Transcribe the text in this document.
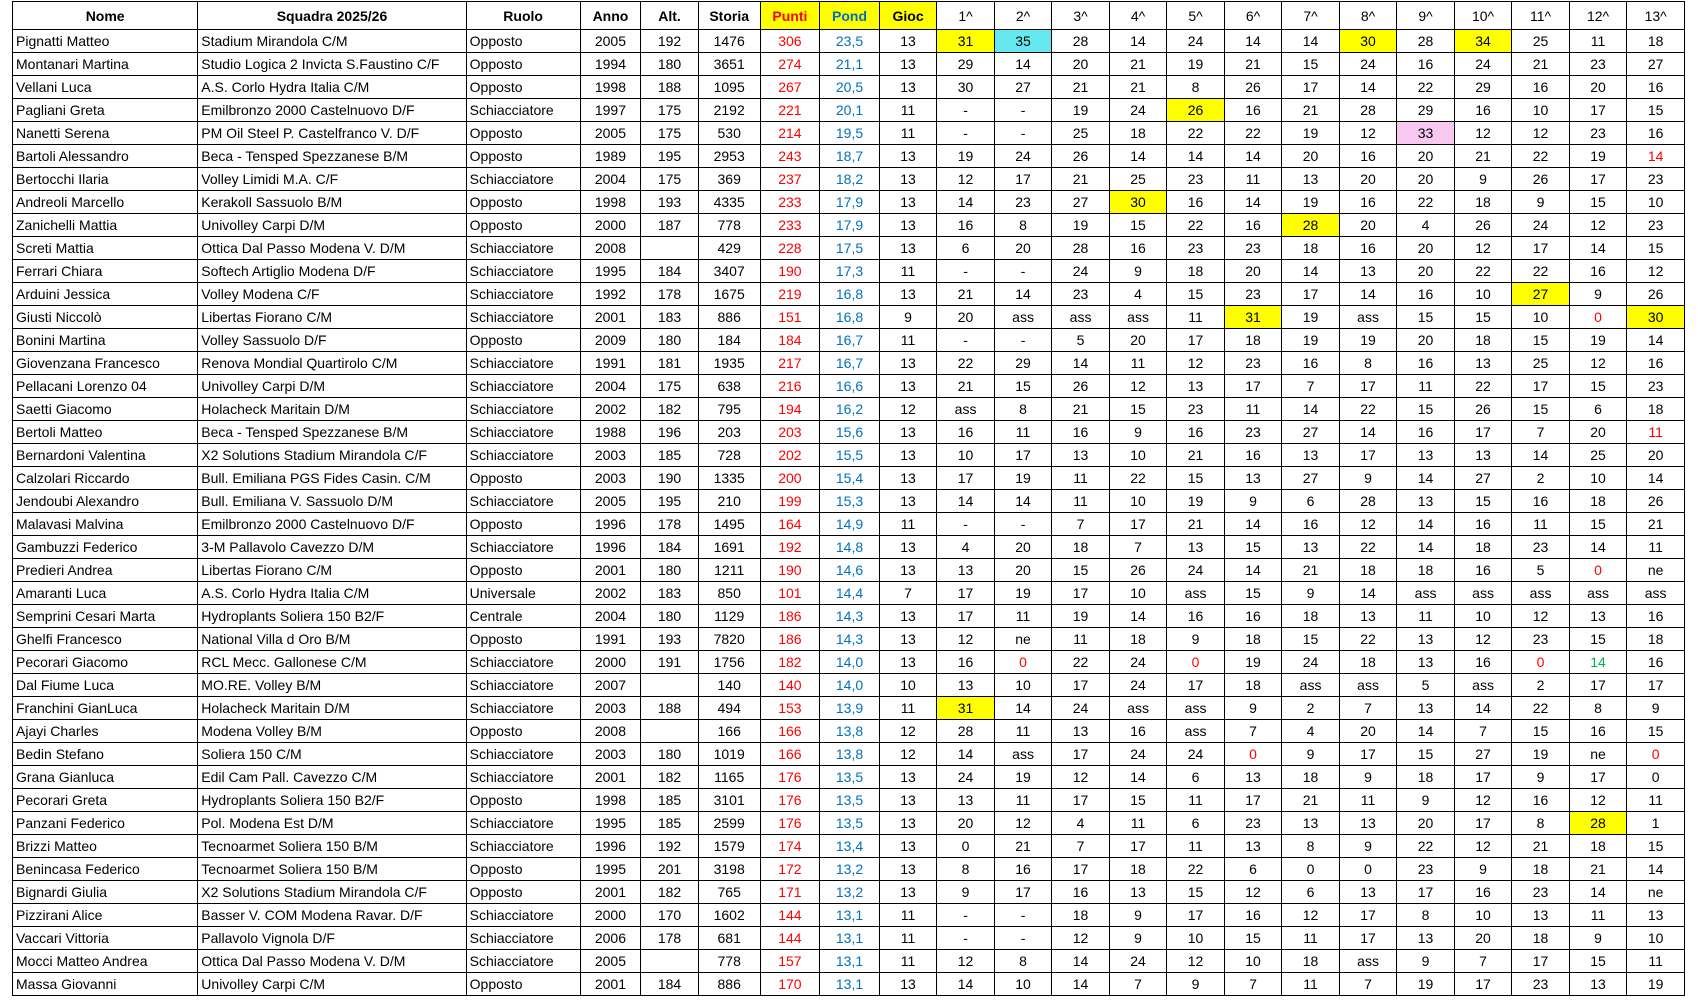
Nome	Squadra 2025/26	Ruolo	Anno	Alt.	Storia	Punti	Pond	Gioc	1^	2^	3^	4^	5^	6^	7^	8^	9^	10^	11^	12^	13^
Pignatti Matteo	Stadium Mirandola C/M	Opposto	2005	192	1476	306	23,5	13	31	35	28	14	24	14	14	30	28	34	25	11	18
Montanari Martina	Studio Logica 2 Invicta S.Faustino C/F	Opposto	1994	180	3651	274	21,1	13	29	14	20	21	19	21	15	24	16	24	21	23	27
Vellani Luca	A.S. Corlo Hydra Italia C/M	Opposto	1998	188	1095	267	20,5	13	30	27	21	21	8	26	17	14	22	29	16	20	16
Pagliani Greta	Emilbronzo 2000 Castelnuovo D/F	Schiacciatore	1997	175	2192	221	20,1	11	-	-	19	24	26	16	21	28	29	16	10	17	15
Nanetti Serena	PM Oil Steel P. Castelfranco V. D/F	Opposto	2005	175	530	214	19,5	11	-	-	25	18	22	22	19	12	33	12	12	23	16
Bartoli Alessandro	Beca - Tensped Spezzanese B/M	Opposto	1989	195	2953	243	18,7	13	19	24	26	14	14	14	20	16	20	21	22	19	14
Bertocchi Ilaria	Volley Limidi M.A. C/F	Schiacciatore	2004	175	369	237	18,2	13	12	17	21	25	23	11	13	20	20	9	26	17	23
Andreoli Marcello	Kerakoll Sassuolo B/M	Opposto	1998	193	4335	233	17,9	13	14	23	27	30	16	14	19	16	22	18	9	15	10
Zanichelli Mattia	Univolley Carpi D/M	Opposto	2000	187	778	233	17,9	13	16	8	19	15	22	16	28	20	4	26	24	12	23
Screti Mattia	Ottica Dal Passo Modena V. D/M	Schiacciatore	2008		429	228	17,5	13	6	20	28	16	23	23	18	16	20	12	17	14	15
Ferrari Chiara	Softech Artiglio Modena D/F	Schiacciatore	1995	184	3407	190	17,3	11	-	-	24	9	18	20	14	13	20	22	22	16	12
Arduini Jessica	Volley Modena C/F	Schiacciatore	1992	178	1675	219	16,8	13	21	14	23	4	15	23	17	14	16	10	27	9	26
Giusti Niccolò	Libertas Fiorano C/M	Schiacciatore	2001	183	886	151	16,8	9	20	ass	ass	ass	11	31	19	ass	15	15	10	0	30
Bonini Martina	Volley Sassuolo D/F	Opposto	2009	180	184	184	16,7	11	-	-	5	20	17	18	19	19	20	18	15	19	14
Giovenzana Francesco	Renova Mondial Quartirolo C/M	Schiacciatore	1991	181	1935	217	16,7	13	22	29	14	11	12	23	16	8	16	13	25	12	16
Pellacani Lorenzo 04	Univolley Carpi D/M	Schiacciatore	2004	175	638	216	16,6	13	21	15	26	12	13	17	7	17	11	22	17	15	23
Saetti Giacomo	Holacheck Maritain D/M	Schiacciatore	2002	182	795	194	16,2	12	ass	8	21	15	23	11	14	22	15	26	15	6	18
Bertoli Matteo	Beca - Tensped Spezzanese B/M	Schiacciatore	1988	196	203	203	15,6	13	16	11	16	9	16	23	27	14	16	17	7	20	11
Bernardoni Valentina	X2 Solutions Stadium Mirandola C/F	Schiacciatore	2003	185	728	202	15,5	13	10	17	13	10	21	16	13	17	13	13	14	25	20
Calzolari Riccardo	Bull. Emiliana PGS Fides Casin. C/M	Opposto	2003	190	1335	200	15,4	13	17	19	11	22	15	13	27	9	14	27	2	10	14
Jendoubi Alexandro	Bull. Emiliana V. Sassuolo D/M	Schiacciatore	2005	195	210	199	15,3	13	14	14	11	10	19	9	6	28	13	15	16	18	26
Malavasi Malvina	Emilbronzo 2000 Castelnuovo D/F	Opposto	1996	178	1495	164	14,9	11	-	-	7	17	21	14	16	12	14	16	11	15	21
Gambuzzi Federico	3-M Pallavolo Cavezzo D/M	Schiacciatore	1996	184	1691	192	14,8	13	4	20	18	7	13	15	13	22	14	18	23	14	11
Predieri Andrea	Libertas Fiorano C/M	Opposto	2001	180	1211	190	14,6	13	13	20	15	26	24	14	21	18	18	16	5	0	ne
Amaranti Luca	A.S. Corlo Hydra Italia C/M	Universale	2002	183	850	101	14,4	7	17	19	17	10	ass	15	9	14	ass	ass	ass	ass	ass
Semprini Cesari Marta	Hydroplants Soliera 150 B2/F	Centrale	2004	180	1129	186	14,3	13	17	11	19	14	16	16	18	13	11	10	12	13	16
Ghelfi Francesco	National Villa d Oro B/M	Opposto	1991	193	7820	186	14,3	13	12	ne	11	18	9	18	15	22	13	12	23	15	18
Pecorari Giacomo	RCL Mecc. Gallonese C/M	Schiacciatore	2000	191	1756	182	14,0	13	16	0	22	24	0	19	24	18	13	16	0	14	16
Dal Fiume Luca	MO.RE. Volley B/M	Schiacciatore	2007		140	140	14,0	10	13	10	17	24	17	18	ass	ass	5	ass	2	17	17
Franchini GianLuca	Holacheck Maritain D/M	Schiacciatore	2003	188	494	153	13,9	11	31	14	24	ass	ass	9	2	7	13	14	22	8	9
Ajayi Charles	Modena Volley B/M	Opposto	2008		166	166	13,8	12	28	11	13	16	ass	7	4	20	14	7	15	16	15
Bedin Stefano	Soliera 150 C/M	Schiacciatore	2003	180	1019	166	13,8	12	14	ass	17	24	24	0	9	17	15	27	19	ne	0
Grana Gianluca	Edil Cam Pall. Cavezzo C/M	Schiacciatore	2001	182	1165	176	13,5	13	24	19	12	14	6	13	18	9	18	17	9	17	0
Pecorari Greta	Hydroplants Soliera 150 B2/F	Opposto	1998	185	3101	176	13,5	13	13	11	17	15	11	17	21	11	9	12	16	12	11
Panzani Federico	Pol. Modena Est D/M	Schiacciatore	1995	185	2599	176	13,5	13	20	12	4	11	6	23	13	13	20	17	8	28	1
Brizzi Matteo	Tecnoarmet Soliera 150 B/M	Schiacciatore	1996	192	1579	174	13,4	13	0	21	7	17	11	13	8	9	22	12	21	18	15
Benincasa Federico	Tecnoarmet Soliera 150 B/M	Opposto	1995	201	3198	172	13,2	13	8	16	17	18	22	6	0	0	23	9	18	21	14
Bignardi Giulia	X2 Solutions Stadium Mirandola C/F	Opposto	2001	182	765	171	13,2	13	9	17	16	13	15	12	6	13	17	16	23	14	ne
Pizzirani Alice	Basser V. COM Modena Ravar. D/F	Schiacciatore	2000	170	1602	144	13,1	11	-	-	18	9	17	16	12	17	8	10	13	11	13
Vaccari Vittoria	Pallavolo Vignola D/F	Schiacciatore	2006	178	681	144	13,1	11	-	-	12	9	10	15	11	17	13	20	18	9	10
Mocci Matteo Andrea	Ottica Dal Passo Modena V. D/M	Schiacciatore	2005		778	157	13,1	11	12	8	14	24	12	10	18	ass	9	7	17	15	11
Massa Giovanni	Univolley Carpi C/M	Opposto	2001	184	886	170	13,1	13	14	10	14	7	9	7	11	7	19	17	23	13	19
